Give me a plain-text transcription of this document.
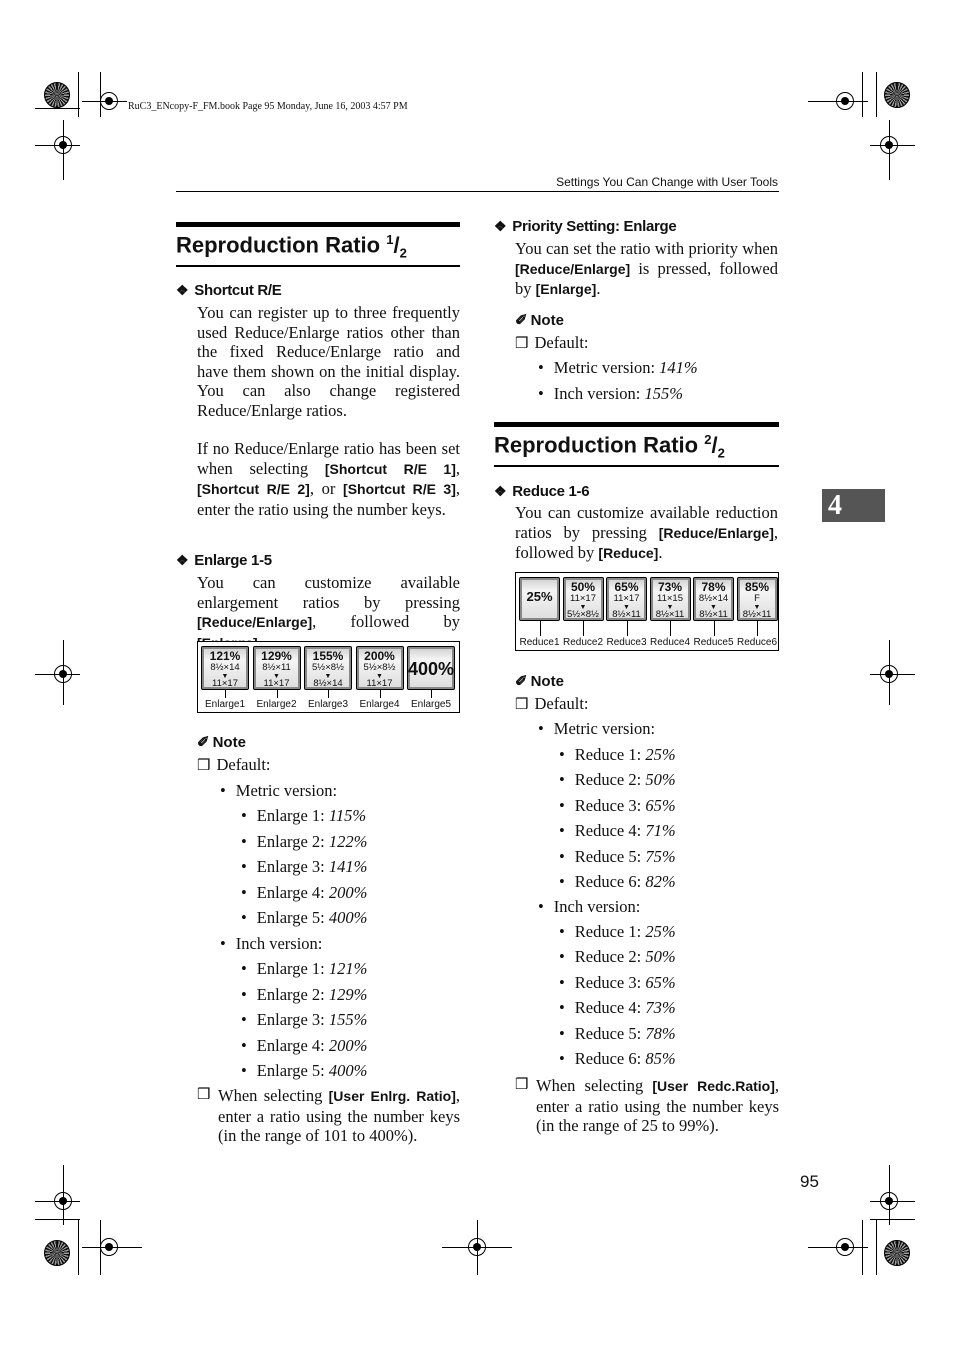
RuC3_ENcopy-F_FM.book Page 95 Monday, June 16, 2003 4:57 PM
Settings You Can Change with User Tools
4
Reproduction Ratio $^1/_2$
❖ Shortcut R/E
You can register up to three frequently used Reduce/Enlarge ratios other than the fixed Reduce/Enlarge ratio and have them shown on the initial display. You can also change registered Reduce/Enlarge ratios.
If no Reduce/Enlarge ratio has been set when selecting [Shortcut R/E 1], [Shortcut R/E 2], or [Shortcut R/E 3], enter the ratio using the number keys.
❖ Enlarge 1-5
You can customize available enlargement ratios by pressing [Reduce/Enlarge], followed by
121%
8½×14
▼
11×17
Enlarge1
129%
8½×11
▼
11×17
Enlarge2
155%
5½×8½
▼
8½×14
Enlarge3
200%
5½×8½
▼
11×17
Enlarge4
400%
Enlarge5
✐ Note
❒ Default:
• Metric version:
• Enlarge 1: 115%
• Enlarge 2: 122%
• Enlarge 3: 141%
• Enlarge 4: 200%
• Enlarge 5: 400%
• Inch version:
• Enlarge 1: 121%
• Enlarge 2: 129%
• Enlarge 3: 155%
• Enlarge 4: 200%
• Enlarge 5: 400%
❒ When selecting [User Enlrg. Ratio], enter a ratio using the number keys (in the range of 101 to 400%).
❖ Priority Setting: Enlarge
You can set the ratio with priority when [Reduce/Enlarge] is pressed, followed by [Enlarge].
✐ Note
❒ Default:
• Metric version: 141%
• Inch version: 155%
Reproduction Ratio $^2/_2$
❖ Reduce 1-6
You can customize available reduction ratios by pressing [Reduce/Enlarge], followed by [Reduce].
25%
Reduce1
50%
11×17
▼
5½×8½
Reduce2
65%
11×17
▼
8½×11
Reduce3
73%
11×15
▼
8½×11
Reduce4
78%
8½×14
▼
8½×11
Reduce5
85%
F
▼
8½×11
Reduce6
✐ Note
❒ Default:
• Metric version:
• Reduce 1: 25%
• Reduce 2: 50%
• Reduce 3: 65%
• Reduce 4: 71%
• Reduce 5: 75%
• Reduce 6: 82%
• Inch version:
• Reduce 1: 25%
• Reduce 2: 50%
• Reduce 3: 65%
• Reduce 4: 73%
• Reduce 5: 78%
• Reduce 6: 85%
❒ When selecting [User Redc.Ratio], enter a ratio using the number keys (in the range of 25 to 99%).
95
